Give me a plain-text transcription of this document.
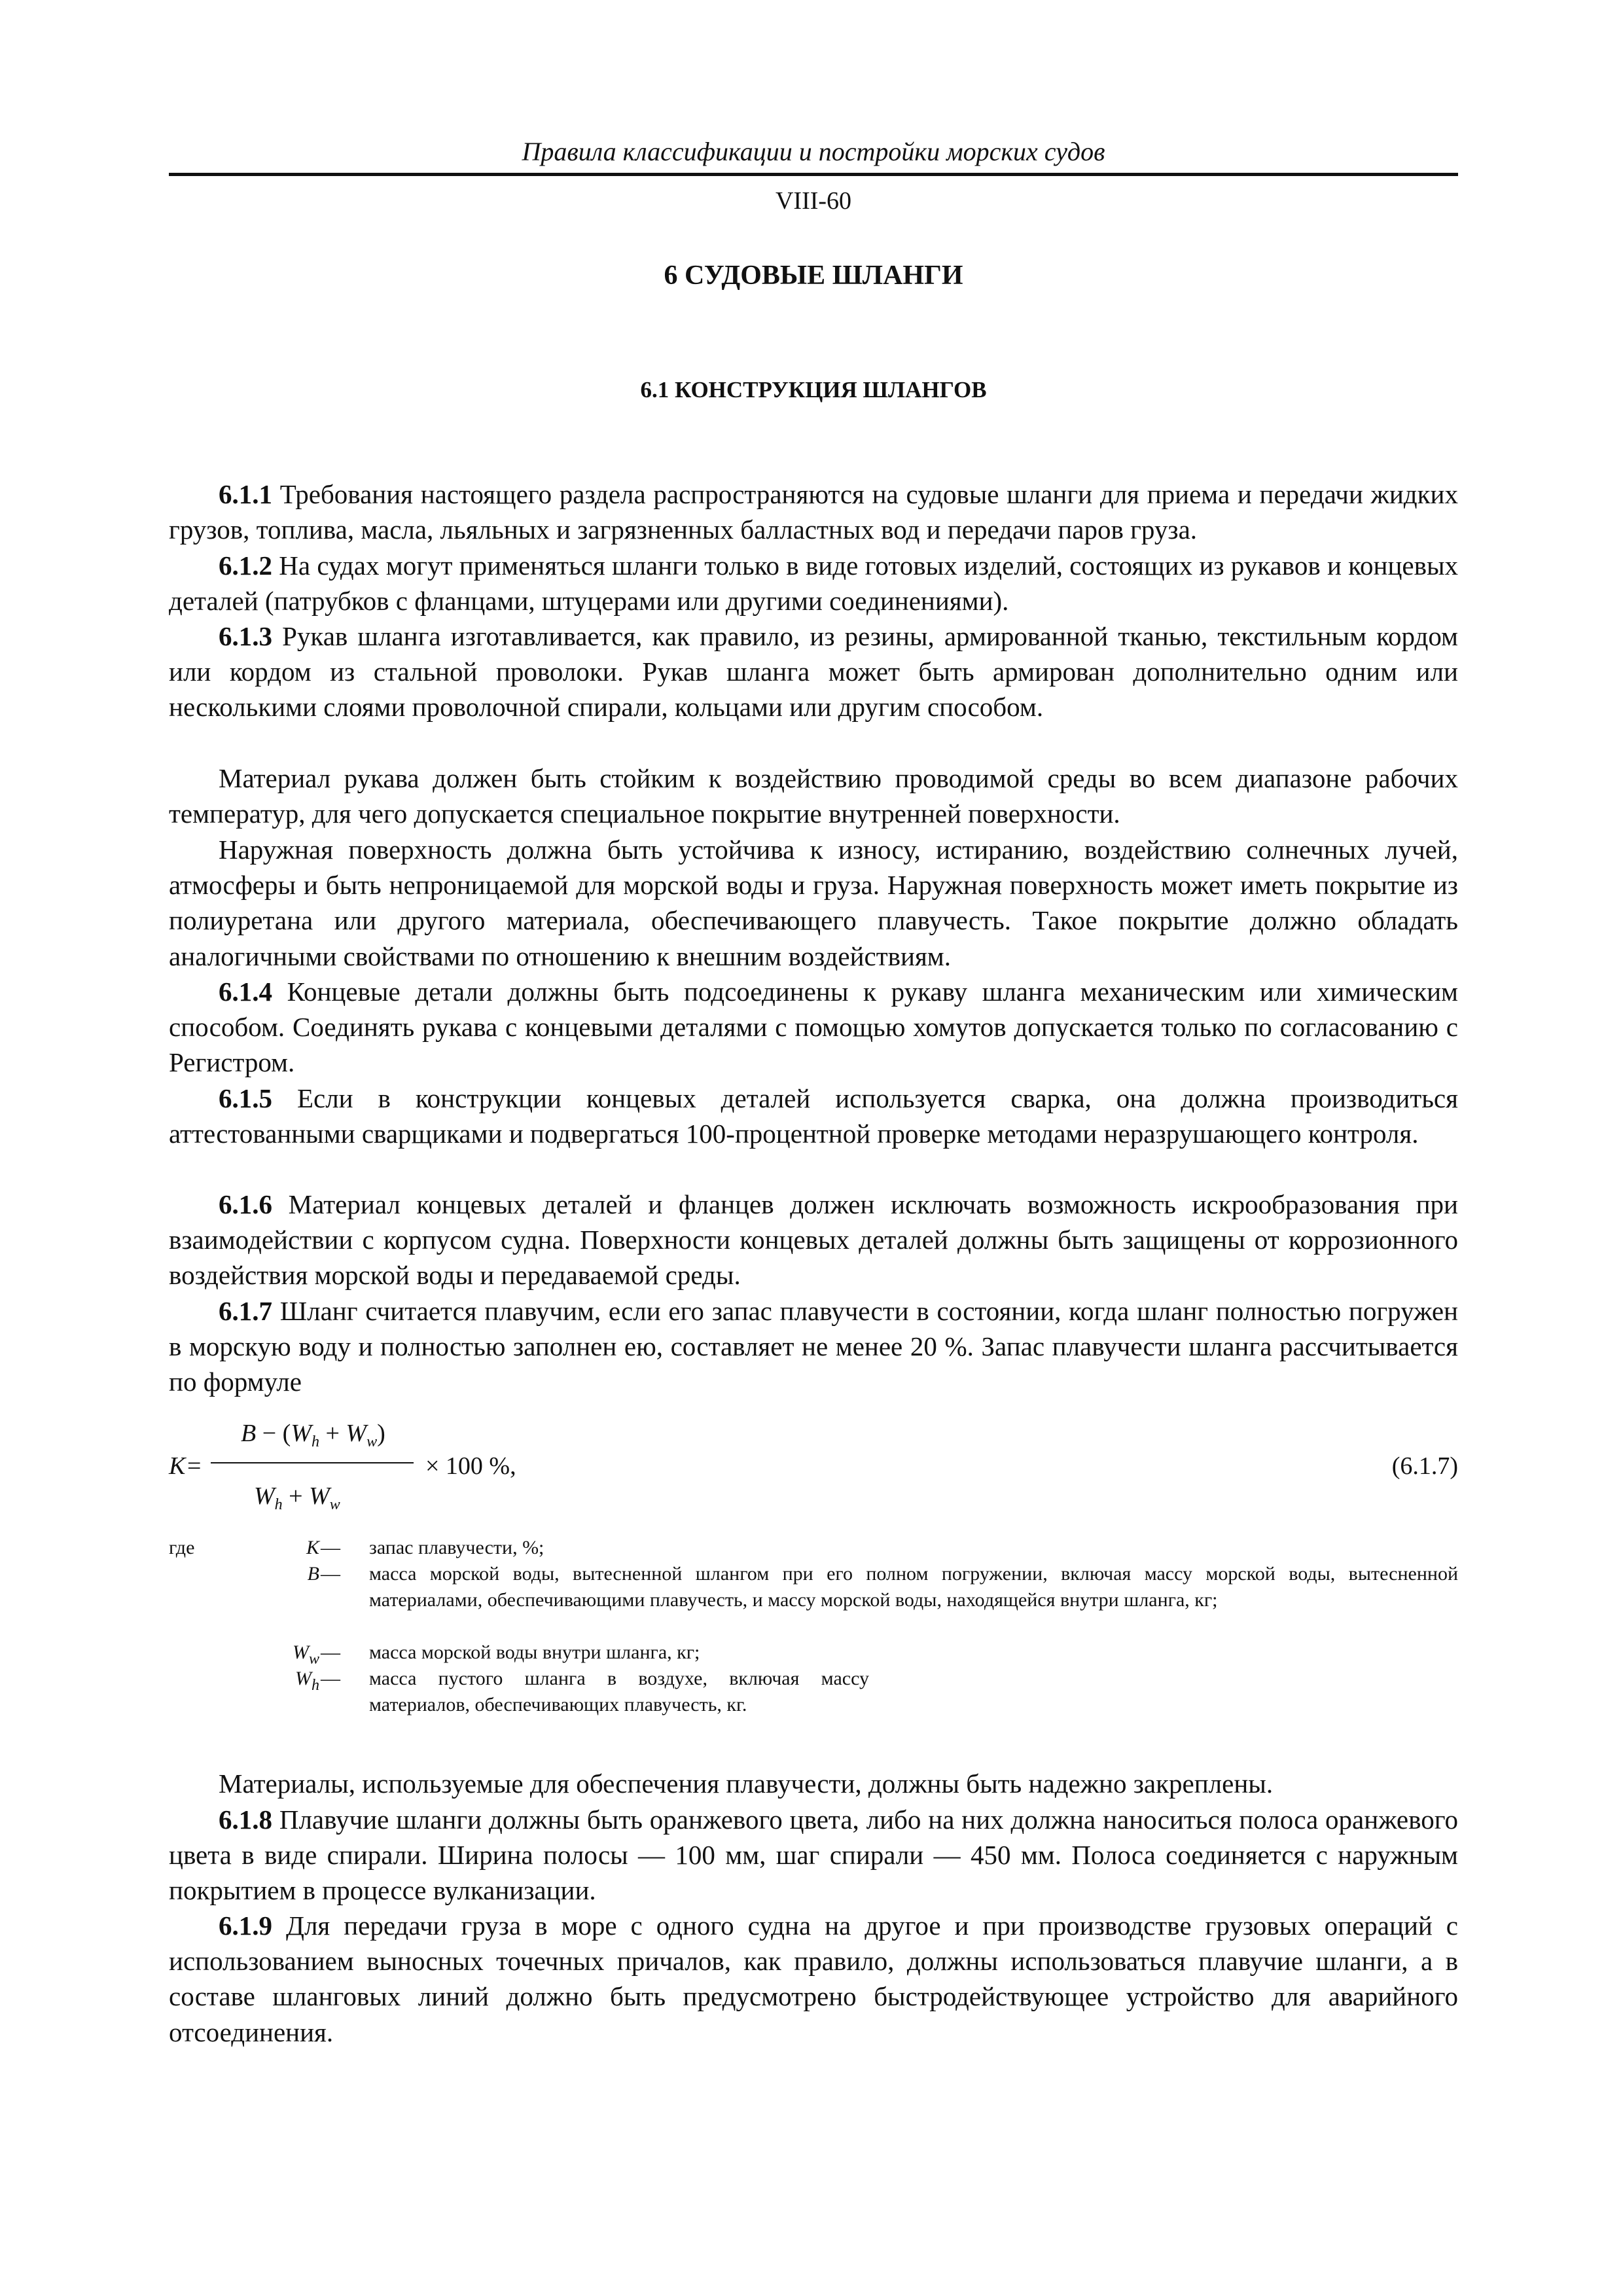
Правила классификации и постройки морских судов
VIII-60
6 СУДОВЫЕ ШЛАНГИ
6.1 КОНСТРУКЦИЯ ШЛАНГОВ
6.1.1 Требования настоящего раздела распространяются на судовые шланги для приема и передачи жидких грузов, топлива, масла, льяльных и загрязненных балластных вод и передачи паров груза.
6.1.2 На судах могут применяться шланги только в виде готовых изделий, состоящих из рукавов и концевых деталей (патрубков с фланцами, штуцерами или другими соединениями).
6.1.3 Рукав шланга изготавливается, как правило, из резины, армированной тканью, текстильным кордом или кордом из стальной проволоки. Рукав шланга может быть армирован дополнительно одним или несколькими слоями проволочной спирали, кольцами или другим способом.
Материал рукава должен быть стойким к воздействию проводимой среды во всем диапазоне рабочих температур, для чего допускается специальное покрытие внутренней поверхности.
Наружная поверхность должна быть устойчива к износу, истиранию, воздействию солнечных лучей, атмосферы и быть непроницаемой для морской воды и груза. Наружная поверхность может иметь покрытие из полиуретана или другого материала, обеспечивающего плавучесть. Такое покрытие должно обладать аналогичными свойствами по отношению к внешним воздействиям.
6.1.4 Концевые детали должны быть подсоединены к рукаву шланга механическим или химическим способом. Соединять рукава с концевыми деталями с помощью хомутов допускается только по согласованию с Регистром.
6.1.5 Если в конструкции концевых деталей используется сварка, она должна производиться аттестованными сварщиками и подвергаться 100-процентной проверке методами неразрушающего контроля.
6.1.6 Материал концевых деталей и фланцев должен исключать возможность искрообразования при взаимодействии с корпусом судна. Поверхности концевых деталей должны быть защищены от коррозионного воздействия морской воды и передаваемой среды.
6.1.7 Шланг считается плавучим, если его запас плавучести в состоянии, когда шланг полностью погружен в морскую воду и полностью заполнен ею, составляет не менее 20 %. Запас плавучести шланга рассчитывается по формуле
K =
$B - (W_h + W_w)$
$W_h + W_w$
× 100 %,	(6.1.7)
где	K — запас плавучести, %;
B — масса морской воды, вытесненной шлангом при его полном погружении, включая массу морской воды, вытесненной материалами, обеспечивающими плавучесть, и массу морской воды, находящейся внутри шланга, кг;
$W_w$ — масса морской воды внутри шланга, кг;
$W_h$ — масса пустого шланга в воздухе, включая массу материалов, обеспечивающих плавучесть, кг.
Материалы, используемые для обеспечения плавучести, должны быть надежно закреплены.
6.1.8 Плавучие шланги должны быть оранжевого цвета, либо на них должна наноситься полоса оранжевого цвета в виде спирали. Ширина полосы — 100 мм, шаг спирали — 450 мм. Полоса соединяется с наружным покрытием в процессе вулканизации.
6.1.9 Для передачи груза в море с одного судна на другое и при производстве грузовых операций с использованием выносных точечных причалов, как правило, должны использоваться плавучие шланги, а в составе шланговых линий должно быть предусмотрено быстродействующее устройство для аварийного отсоединения.
